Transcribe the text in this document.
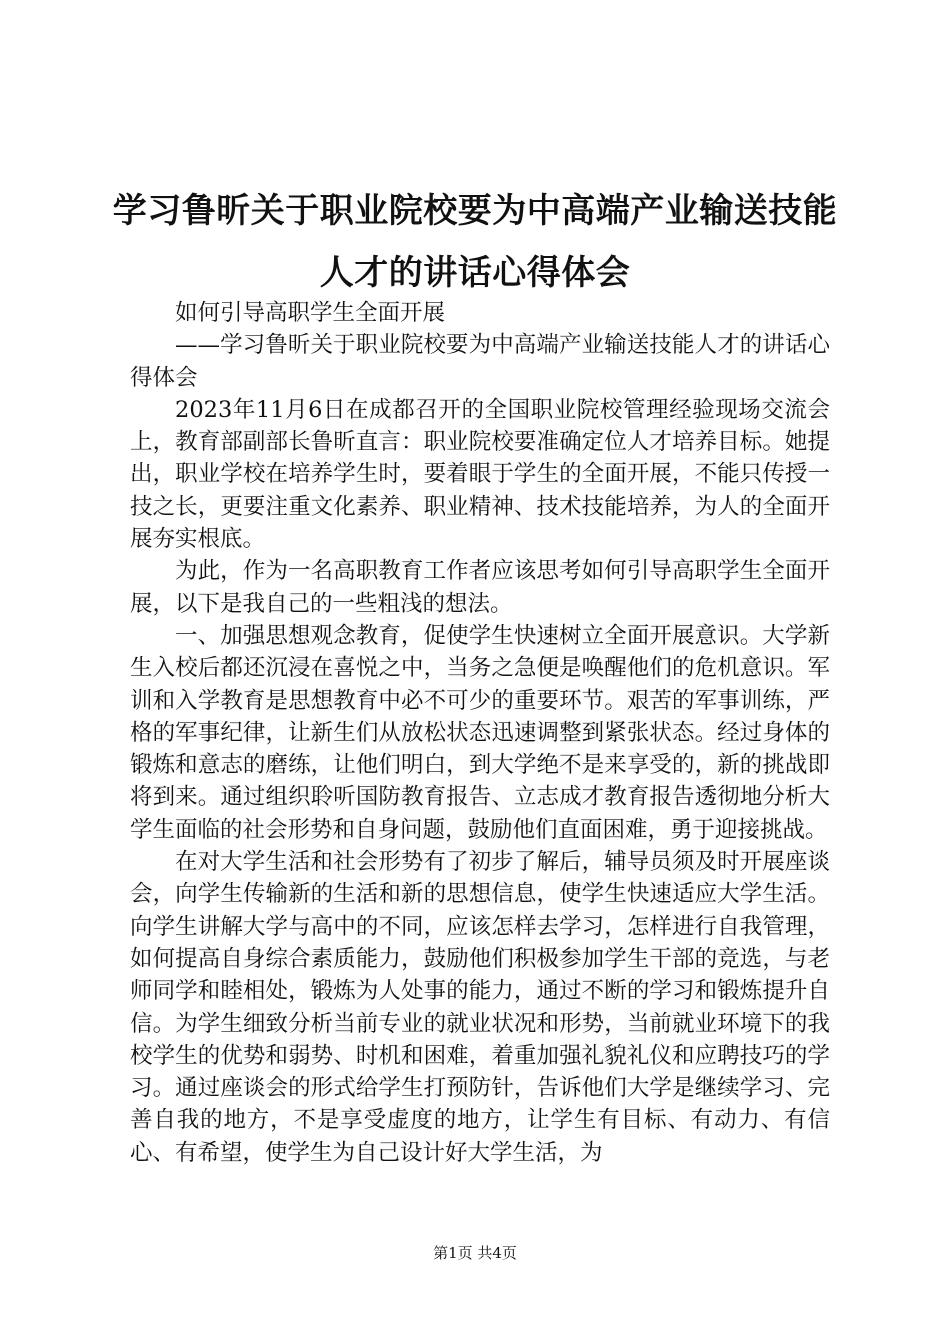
学习鲁昕关于职业院校要为中高端产业输送技能人才的讲话心得体会

如何引导高职学生全面开展

——学习鲁昕关于职业院校要为中高端产业输送技能人才的讲话心得体会

2023年11月6日在成都召开的全国职业院校管理经验现场交流会上，教育部副部长鲁昕直言：职业院校要准确定位人才培养目标。她提出，职业学校在培养学生时，要着眼于学生的全面开展，不能只传授一技之长，更要注重文化素养、职业精神、技术技能培养，为人的全面开展夯实根底。

为此，作为一名高职教育工作者应该思考如何引导高职学生全面开展，以下是我自己的一些粗浅的想法。

一、加强思想观念教育，促使学生快速树立全面开展意识。大学新生入校后都还沉浸在喜悦之中，当务之急便是唤醒他们的危机意识。军训和入学教育是思想教育中必不可少的重要环节。艰苦的军事训练，严格的军事纪律，让新生们从放松状态迅速调整到紧张状态。经过身体的锻炼和意志的磨练，让他们明白，到大学绝不是来享受的，新的挑战即将到来。通过组织聆听国防教育报告、立志成才教育报告透彻地分析大学生面临的社会形势和自身问题，鼓励他们直面困难，勇于迎接挑战。

在对大学生活和社会形势有了初步了解后，辅导员须及时开展座谈会，向学生传输新的生活和新的思想信息，使学生快速适应大学生活。向学生讲解大学与高中的不同，应该怎样去学习，怎样进行自我管理，如何提高自身综合素质能力，鼓励他们积极参加学生干部的竞选，与老师同学和睦相处，锻炼为人处事的能力，通过不断的学习和锻炼提升自信。为学生细致分析当前专业的就业状况和形势，当前就业环境下的我校学生的优势和弱势、时机和困难，着重加强礼貌礼仪和应聘技巧的学习。通过座谈会的形式给学生打预防针，告诉他们大学是继续学习、完善自我的地方，不是享受虚度的地方，让学生有目标、有动力、有信心、有希望，使学生为自己设计好大学生活，为

第1页 共4页
